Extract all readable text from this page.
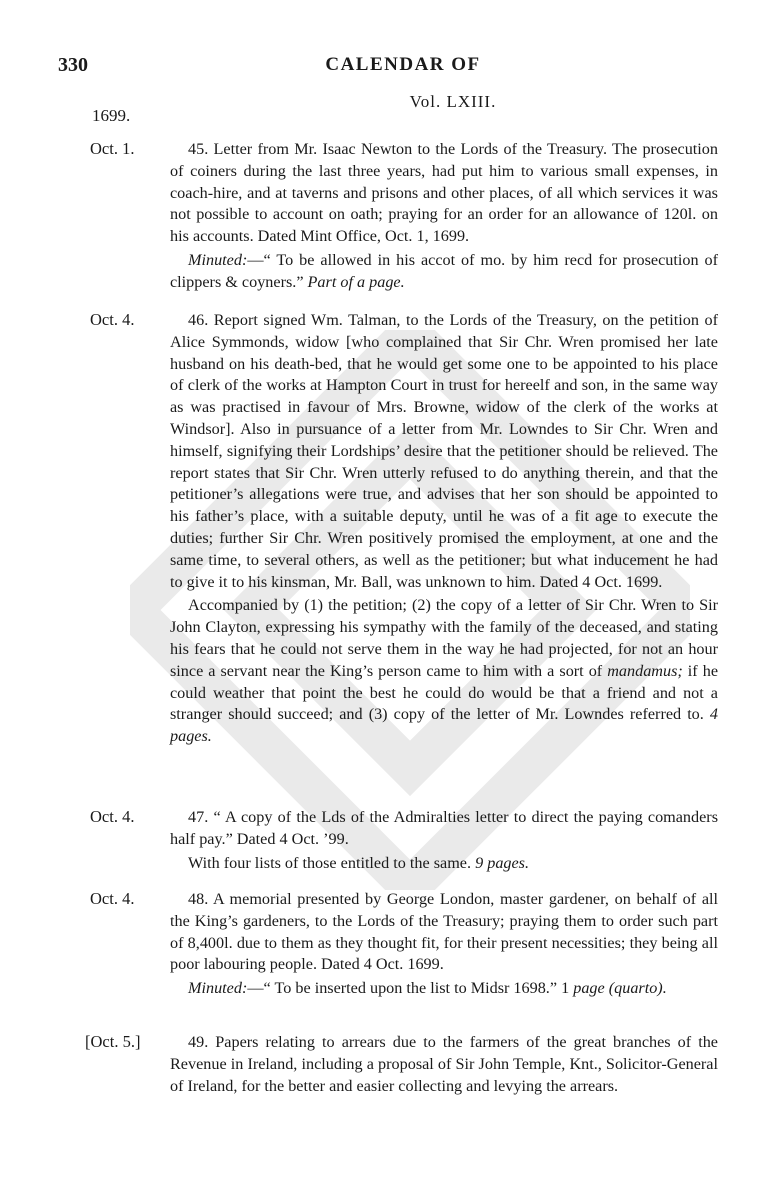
330	CALENDAR OF
Vol. LXIII.
1699.
Oct. 1.	45. Letter from Mr. Isaac Newton to the Lords of the Treasury. The prosecution of coiners during the last three years, had put him to various small expenses, in coach-hire, and at taverns and prisons and other places, of all which services it was not possible to account on oath; praying for an order for an allowance of 120l. on his accounts. Dated Mint Office, Oct. 1, 1699.

Minuted:—“ To be allowed in his accot of mo. by him recd for prosecution of clippers & coyners.” Part of a page.

Oct. 4.	46. Report signed Wm. Talman, to the Lords of the Treasury, on the petition of Alice Symmonds, widow [who complained that Sir Chr. Wren promised her late husband on his death-bed, that he would get some one to be appointed to his place of clerk of the works at Hampton Court in trust for hereelf and son, in the same way as was practised in favour of Mrs. Browne, widow of the clerk of the works at Windsor]. Also in pursuance of a letter from Mr. Lowndes to Sir Chr. Wren and himself, signifying their Lordships’ desire that the petitioner should be relieved. The report states that Sir Chr. Wren utterly refused to do anything therein, and that the petitioner’s allegations were true, and advises that her son should be appointed to his father’s place, with a suitable deputy, until he was of a fit age to execute the duties; further Sir Chr. Wren positively promised the employment, at one and the same time, to several others, as well as the petitioner; but what inducement he had to give it to his kinsman, Mr. Ball, was unknown to him. Dated 4 Oct. 1699.

Accompanied by (1) the petition; (2) the copy of a letter of Sir Chr. Wren to Sir John Clayton, expressing his sympathy with the family of the deceased, and stating his fears that he could not serve them in the way he had projected, for not an hour since a servant near the King’s person came to him with a sort of mandamus; if he could weather that point the best he could do would be that a friend and not a stranger should succeed; and (3) copy of the letter of Mr. Lowndes referred to. 4 pages.

Oct. 4.	47. “ A copy of the Lds of the Admiralties letter to direct the paying comanders half pay.” Dated 4 Oct. ’99.

With four lists of those entitled to the same. 9 pages.

Oct. 4.	48. A memorial presented by George London, master gardener, on behalf of all the King’s gardeners, to the Lords of the Treasury; praying them to order such part of 8,400l. due to them as they thought fit, for their present necessities; they being all poor labouring people. Dated 4 Oct. 1699.

Minuted:—“ To be inserted upon the list to Midsr 1698.” 1 page (quarto).

[Oct. 5.]	49. Papers relating to arrears due to the farmers of the great branches of the Revenue in Ireland, including a proposal of Sir John Temple, Knt., Solicitor-General of Ireland, for the better and easier collecting and levying the arrears.
